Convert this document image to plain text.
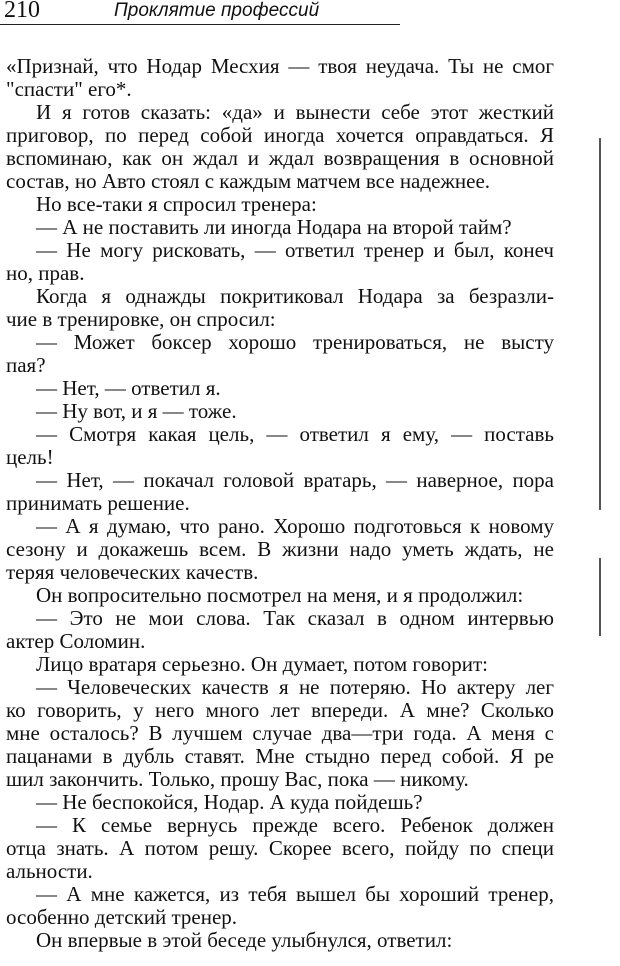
210	Проклятие профессий
«Признай, что Нодар Месхия — твоя неудача. Ты не смог
"спасти" его*.
И я готов сказать: «да» и вынести себе этот жесткий
приговор, по перед собой иногда хочется оправдаться. Я
вспоминаю, как он ждал и ждал возвращения в основной
состав, но Авто стоял с каждым матчем все надежнее.
Но все-таки я спросил тренера:
— А не поставить ли иногда Нодара на второй тайм?
— Не могу рисковать, — ответил тренер и был, конеч
но, прав.
Когда я однажды покритиковал Нодара за безразли-
чие в тренировке, он спросил:
— Может боксер хорошо тренироваться, не высту
пая?
— Нет, — ответил я.
— Ну вот, и я — тоже.
— Смотря какая цель, — ответил я ему, — поставь
цель!
— Нет, — покачал головой вратарь, — наверное, пора
принимать решение.
— А я думаю, что рано. Хорошо подготовься к новому
сезону и докажешь всем. В жизни надо уметь ждать, не
теряя человеческих качеств.
Он вопросительно посмотрел на меня, и я продолжил:
— Это не мои слова. Так сказал в одном интервью
актер Соломин.
Лицо вратаря серьезно. Он думает, потом говорит:
— Человеческих качеств я не потеряю. Но актеру лег
ко говорить, у него много лет впереди. А мне? Сколько
мне осталось? В лучшем случае два—три года. А меня с
пацанами в дубль ставят. Мне стыдно перед собой. Я ре
шил закончить. Только, прошу Вас, пока — никому.
— Не беспокойся, Нодар. А куда пойдешь?
— К семье вернусь прежде всего. Ребенок должен
отца знать. А потом решу. Скорее всего, пойду по специ
альности.
— А мне кажется, из тебя вышел бы хороший тренер,
особенно детский тренер.
Он впервые в этой беседе улыбнулся, ответил:
